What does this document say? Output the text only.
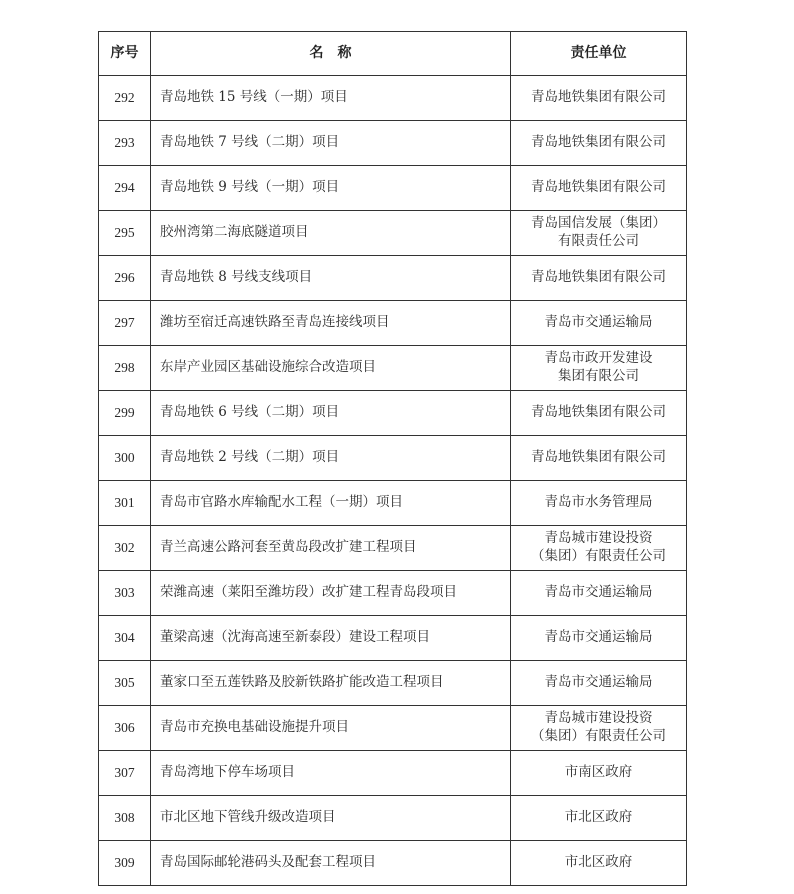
序号	名　称	责任单位
292	青岛地铁 15 号线（一期）项目	青岛地铁集团有限公司

293	青岛地铁 7 号线（二期）项目	青岛地铁集团有限公司

294	青岛地铁 9 号线（一期）项目	青岛地铁集团有限公司

295	胶州湾第二海底隧道项目	青岛国信发展（集团）
有限责任公司

296	青岛地铁 8 号线支线项目	青岛地铁集团有限公司

297	潍坊至宿迁高速铁路至青岛连接线项目	青岛市交通运输局

298	东岸产业园区基础设施综合改造项目	青岛市政开发建设
集团有限公司

299	青岛地铁 6 号线（二期）项目	青岛地铁集团有限公司

300	青岛地铁 2 号线（二期）项目	青岛地铁集团有限公司

301	青岛市官路水库输配水工程（一期）项目	青岛市水务管理局

302	青兰高速公路河套至黄岛段改扩建工程项目	青岛城市建设投资
（集团）有限责任公司

303	荣潍高速（莱阳至潍坊段）改扩建工程青岛段项目	青岛市交通运输局

304	董梁高速（沈海高速至新泰段）建设工程项目	青岛市交通运输局

305	董家口至五莲铁路及胶新铁路扩能改造工程项目	青岛市交通运输局

306	青岛市充换电基础设施提升项目	青岛城市建设投资
（集团）有限责任公司

307	青岛湾地下停车场项目	市南区政府

308	市北区地下管线升级改造项目	市北区政府

309	青岛国际邮轮港码头及配套工程项目	市北区政府
